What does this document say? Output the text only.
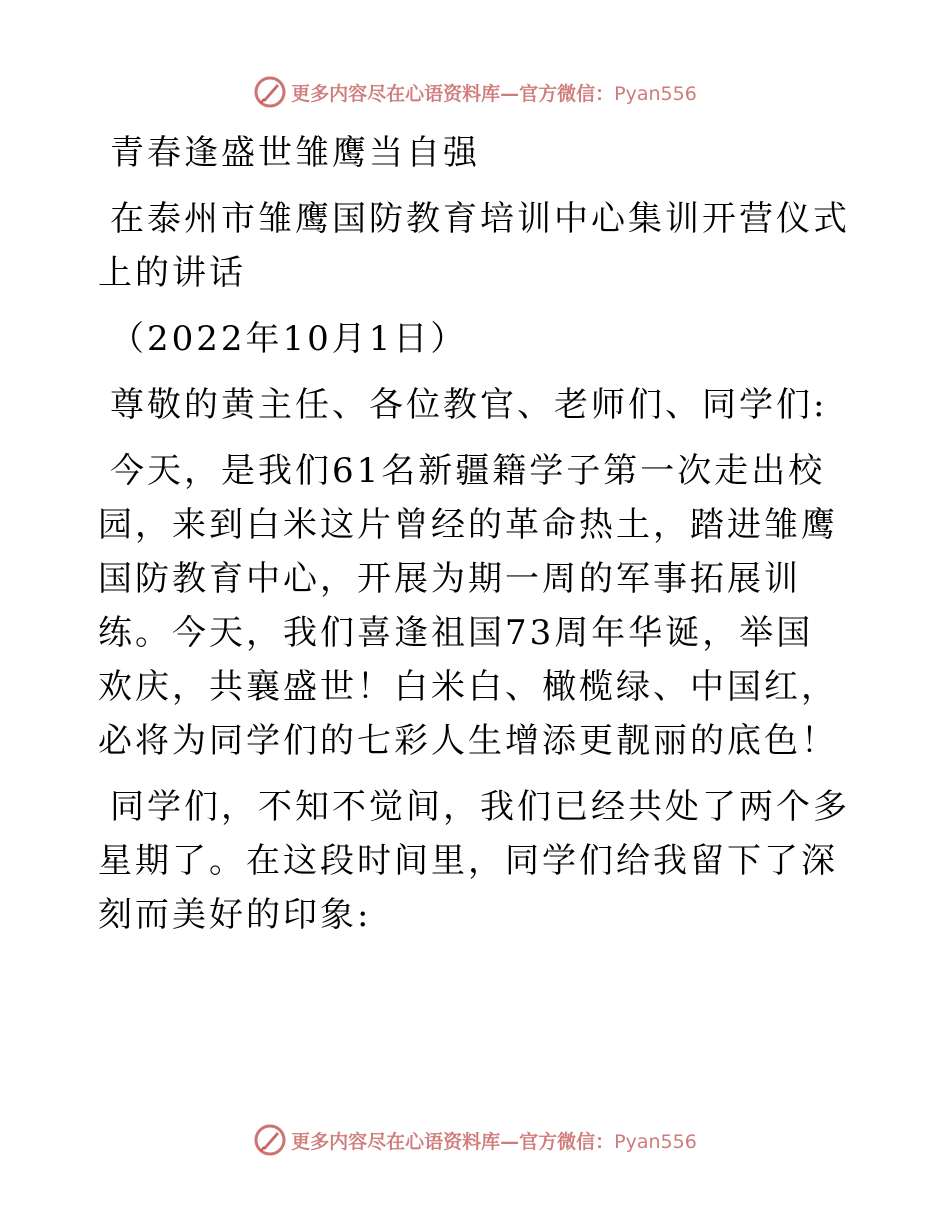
更多内容尽在心语资料库—官方微信：Pyan556

青春逢盛世雏鹰当自强

在泰州市雏鹰国防教育培训中心集训开营仪式上的讲话

（2022年10月1日）

尊敬的黄主任、各位教官、老师们、同学们:

今天，是我们61名新疆籍学子第一次走出校园，来到白米这片曾经的革命热土，踏进雏鹰国防教育中心，开展为期一周的军事拓展训练。今天，我们喜逢祖国73周年华诞，举国欢庆，共襄盛世！白米白、橄榄绿、中国红，必将为同学们的七彩人生增添更靓丽的底色！

同学们，不知不觉间，我们已经共处了两个多星期了。在这段时间里，同学们给我留下了深刻而美好的印象:

更多内容尽在心语资料库—官方微信：Pyan556
